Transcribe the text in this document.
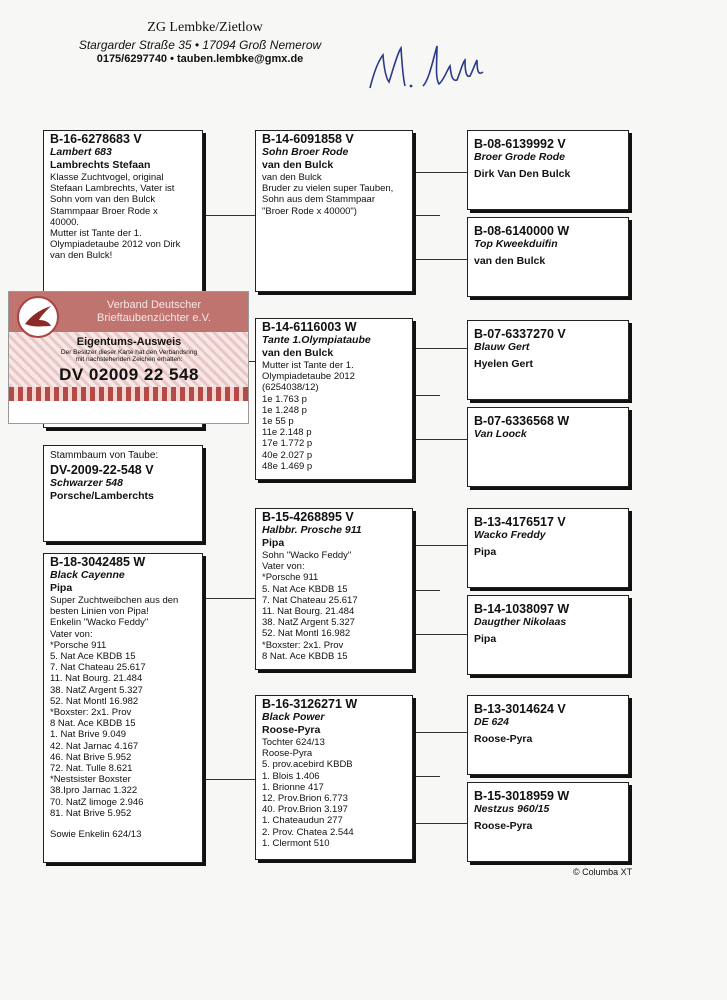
ZG Lembke/Zietlow
Stargarder Straße 35 • 17094 Groß Nemerow
0175/6297740 • tauben.lembke@gmx.de
B-16-6278683 V
Lambert 683
Lambrechts Stefaan
Klasse Zuchtvogel, original
Stefaan Lambrechts, Vater ist
Sohn vom van den Bulck
Stammpaar Broer Rode x
40000.
Mutter ist Tante der 1.
Olympiadetaube 2012 von Dirk
van den Bulck!
Stammbaum von Taube:
DV-2009-22-548 V
Schwarzer 548
Porsche/Lamberchts
B-18-3042485 W
Black Cayenne
Pipa
Super Zuchtweibchen aus den
besten Linien von Pipa!
Enkelin "Wacko Feddy"
Vater von:
*Porsche 911
5. Nat Ace KBDB 15
7. Nat Chateau 25.617
11. Nat Bourg. 21.484
38. NatZ Argent 5.327
52. Nat Montl 16.982
*Boxster: 2x1. Prov
8 Nat. Ace KBDB 15
1. Nat Brive 9.049
42. Nat Jarnac 4.167
46. Nat Brive 5.952
72. Nat. Tulle 8.621
*Nestsister Boxster
38.Ipro Jarnac 1.322
70. NatZ limoge 2.946
81. Nat Brive 5.952
Sowie Enkelin 624/13
B-14-6091858 V
Sohn Broer Rode
van den Bulck
van den Bulck
Bruder zu vielen super Tauben,
Sohn aus dem Stammpaar
"Broer Rode x 40000")
B-14-6116003 W
Tante 1.Olympiataube
van den Bulck
Mutter ist Tante der 1.
Olympiadetaube 2012
(6254038/12)
1e 1.763 p
1e 1.248 p
1e 55 p
11e 2.148 p
17e 1.772 p
40e 2.027 p
48e 1.469 p
B-15-4268895 V
Halbbr. Prosche 911
Pipa
Sohn "Wacko Feddy"
Vater von:
*Porsche 911
5. Nat Ace KBDB 15
7. Nat Chateau 25.617
11. Nat Bourg. 21.484
38. NatZ Argent 5.327
52. Nat Montl 16.982
*Boxster: 2x1. Prov
8 Nat. Ace KBDB 15
B-16-3126271 W
Black Power
Roose-Pyra
Tochter 624/13
Roose-Pyra
5. prov.acebird KBDB
1. Blois 1.406
1. Brionne 417
12. Prov.Brion 6.773
40. Prov.Brion 3.197
1. Chateaudun 277
2. Prov. Chatea 2.544
1. Clermont 510
B-08-6139992 V
Broer Grode Rode
Dirk Van Den Bulck
B-08-6140000 W
Top Kweekduifin
van den Bulck
B-07-6337270 V
Blauw Gert
Hyelen Gert
B-07-6336568 W
Van Loock
B-13-4176517 V
Wacko Freddy
Pipa
B-14-1038097 W
Daugther Nikolaas
Pipa
B-13-3014624 V
DE 624
Roose-Pyra
B-15-3018959 W
Nestzus 960/15
Roose-Pyra
Verband Deutscher
Brieftaubenzüchter e.V.
Eigentums-Ausweis
Der Besitzer dieser Karte hat den Verbandsring
mit nachstehenden Zeichen erhalten:
DV 02009 22 548
© Columba XT
